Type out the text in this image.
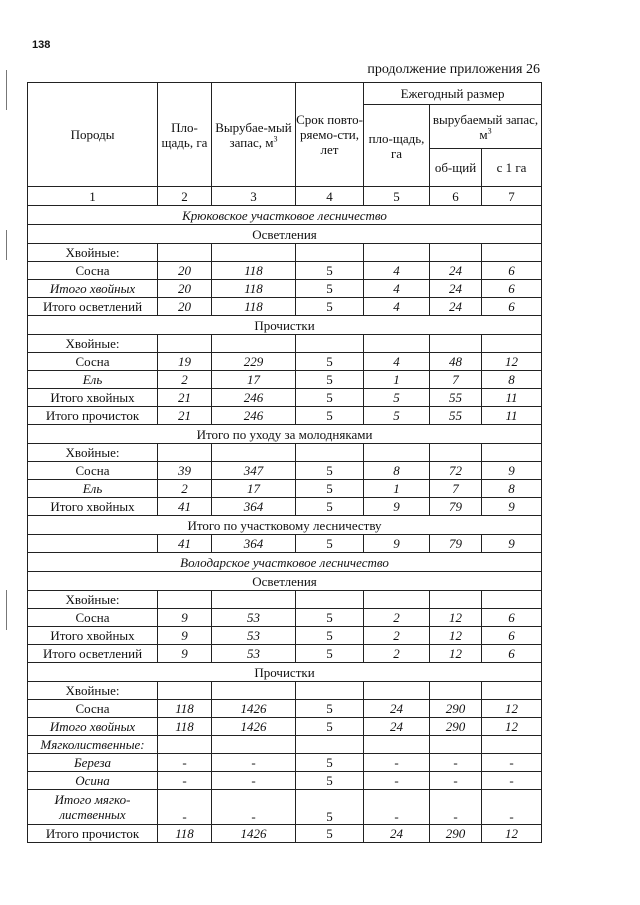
138
продолжение приложения 26
Породы	Пло-щадь, га	Вырубае-мый запас, $м^3$	Срок повто-ряемо-сти, лет	Ежегодный размер		
				пло-щадь, га	вырубаемый запас, $м^3$
					об-щий	с 1 га
1	2	3	4	5	6	7
Крюковское участковое лесничество						
Осветления						
Хвойные:						
Сосна	20	118	5	4	24	6
Итого хвойных	20	118	5	4	24	6
Итого осветлений	20	118	5	4	24	6
Прочистки						
Хвойные:						
Сосна	19	229	5	4	48	12
Ель	2	17	5	1	7	8
Итого хвойных	21	246	5	5	55	11
Итого прочисток	21	246	5	5	55	11
Итого по уходу за молодняками						
Хвойные:						
Сосна	39	347	5	8	72	9
Ель	2	17	5	1	7	8
Итого хвойных	41	364	5	9	79	9
Итого по участковому лесничеству						
	41	364	5	9	79	9
Володарское участковое лесничество						
Осветления						
Хвойные:						
Сосна	9	53	5	2	12	6
Итого хвойных	9	53	5	2	12	6
Итого осветлений	9	53	5	2	12	6
Прочистки						
Хвойные:						
Сосна	118	1426	5	24	290	12
Итого хвойных	118	1426	5	24	290	12
Мягколиственные:						
Береза	-	-	5	-	-	-
Осина	-	-	5	-	-	-
Итого мягко-лиственных	-	-	5	-	-	-
Итого прочисток	118	1426	5	24	290	12
